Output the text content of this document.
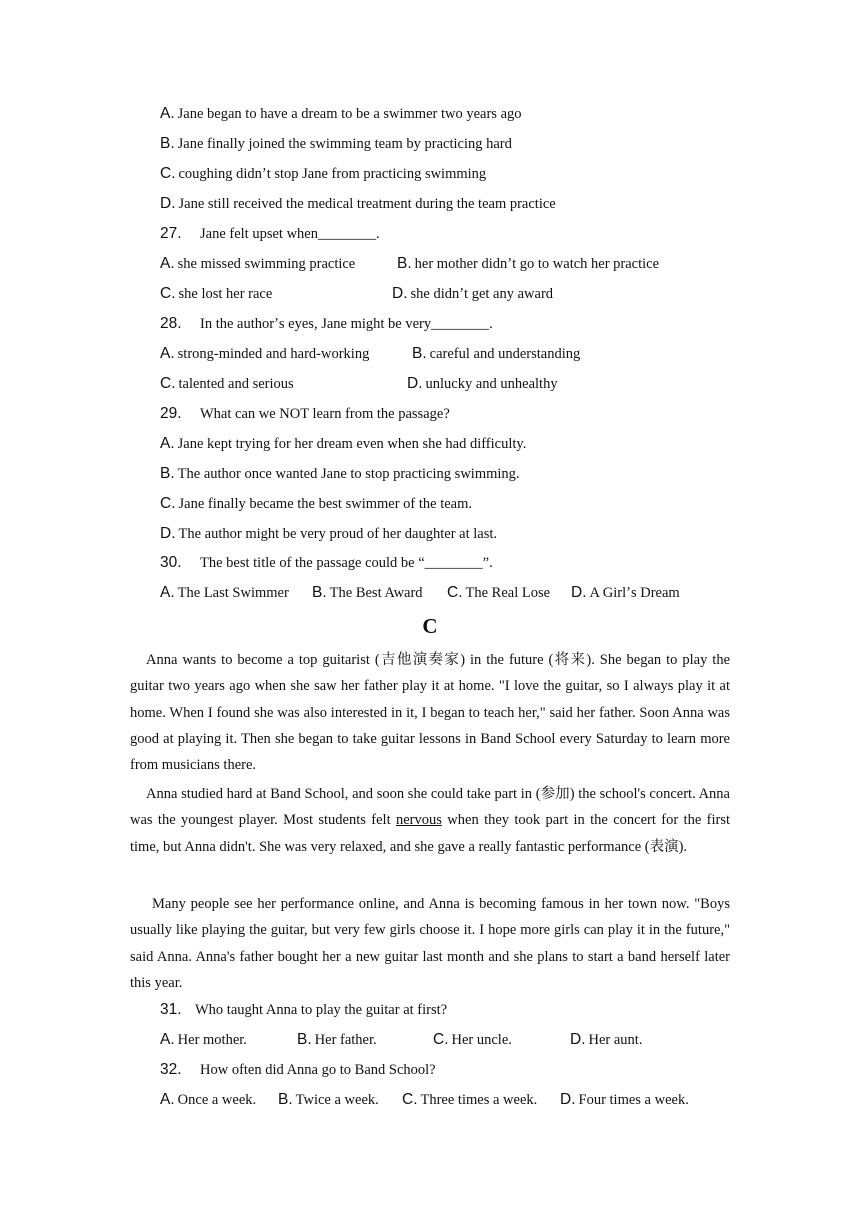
A. Jane began to have a dream to be a swimmer two years ago
B. Jane finally joined the swimming team by practicing hard
C. coughing didnʼt stop Jane from practicing swimming
D. Jane still received the medical treatment during the team practice
27. Jane felt upset when________.
A. she missed swimming practice	B. her mother didnʼt go to watch her practice
C. she lost her race	D. she didnʼt get any award
28. In the authorʼs eyes, Jane might be very________.
A. strong-minded and hard-working	B. careful and understanding
C. talented and serious	D. unlucky and unhealthy
29. What can we NOT learn from the passage?
A. Jane kept trying for her dream even when she had difficulty.
B. The author once wanted Jane to stop practicing swimming.
C. Jane finally became the best swimmer of the team.
D. The author might be very proud of her daughter at last.
30. The best title of the passage could be “________”.
A. The Last Swimmer B. The Best Award C. The Real Lose D. A Girlʼs Dream
C
Anna wants to become a top guitarist (吉他演奏家) in the future (将来). She began to play the guitar two years ago when she saw her father play it at home. "I love the guitar, so I always play it at home. When I found she was also interested in it, I began to teach her," said her father. Soon Anna was good at playing it. Then she began to take guitar lessons in Band School every Saturday to learn more from musicians there.
Anna studied hard at Band School, and soon she could take part in (参加) the school's concert. Anna was the youngest player. Most students felt nervous when they took part in the concert for the first time, but Anna didn't. She was very relaxed, and she gave a really fantastic performance (表演).
Many people see her performance online, and Anna is becoming famous in her town now. "Boys usually like playing the guitar, but very few girls choose it. I hope more girls can play it in the future," said Anna. Anna's father bought her a new guitar last month and she plans to start a band herself later this year.
31. Who taught Anna to play the guitar at first?
A. Her mother.	B. Her father.	C. Her uncle.	D. Her aunt.
32. How often did Anna go to Band School?
A. Once a week. B. Twice a week. C. Three times a week. D. Four times a week.
